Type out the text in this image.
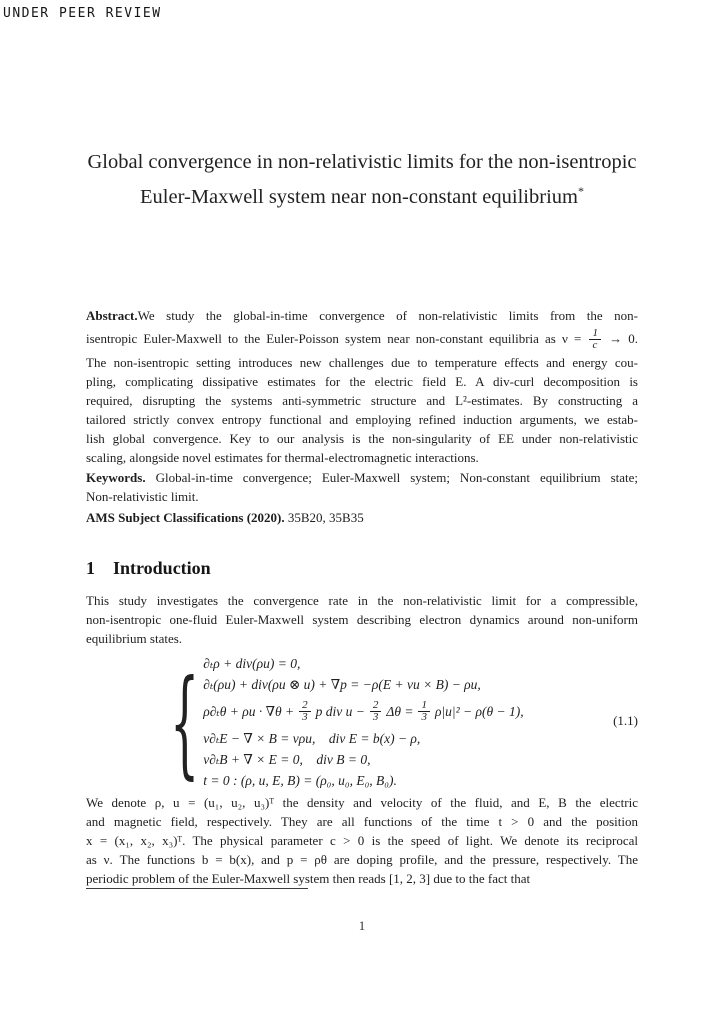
UNDER PEER REVIEW
Global convergence in non-relativistic limits for the non-isentropic
Euler-Maxwell system near non-constant equilibrium*
Abstract.We study the global-in-time convergence of non-relativistic limits from the non-
isentropic Euler-Maxwell to the Euler-Poisson system near non-constant equilibria as $\nu = \frac{1}{c} \to 0$.
The non-isentropic setting introduces new challenges due to temperature effects and energy cou-
pling, complicating dissipative estimates for the electric field E. A div-curl decomposition is
required, disrupting the systems anti-symmetric structure and L²-estimates. By constructing a
tailored strictly convex entropy functional and employing refined induction arguments, we estab-
lish global convergence. Key to our analysis is the non-singularity of EE under non-relativistic
scaling, alongside novel estimates for thermal-electromagnetic interactions.
Keywords. Global-in-time convergence; Euler-Maxwell system; Non-constant equilibrium state;
Non-relativistic limit.
AMS Subject Classifications (2020). 35B20, 35B35
1 Introduction
This study investigates the convergence rate in the non-relativistic limit for a compressible,
non-isentropic one-fluid Euler-Maxwell system describing electron dynamics around non-uniform
equilibrium states.
{ ∂ₜρ + div(ρu) = 0,
∂ₜ(ρu) + div(ρu ⊗ u) + ∇p = −ρ(E + νu × B) − ρu,
$\rho\partial_t\theta + \rho u \cdot \nabla\theta + \frac{2}{3}$ p div $u - \frac{2}{3}$ $\Delta\theta = \frac{1}{3} \rho|u|^2 - \rho(\theta - 1)$,
ν∂ₜE − ∇ × B = νρu, div E = b(x) − ρ,
ν∂ₜB + ∇ × E = 0, div B = 0,
t = 0 : (ρ, u, E, B) = (ρ₀, u₀, E₀, B₀).
(1.1)
We denote ρ, u = (u₁, u₂, u₃)ᵀ the density and velocity of the fluid, and E, B the electric
and magnetic field, respectively. They are all functions of the time t > 0 and the position
x = (x₁, x₂, x₃)ᵀ. The physical parameter c > 0 is the speed of light. We denote its reciprocal
as ν. The functions b = b(x), and p = ρθ are doping profile, and the pressure, respectively. The
periodic problem of the Euler-Maxwell system then reads [1, 2, 3] due to the fact that
1
